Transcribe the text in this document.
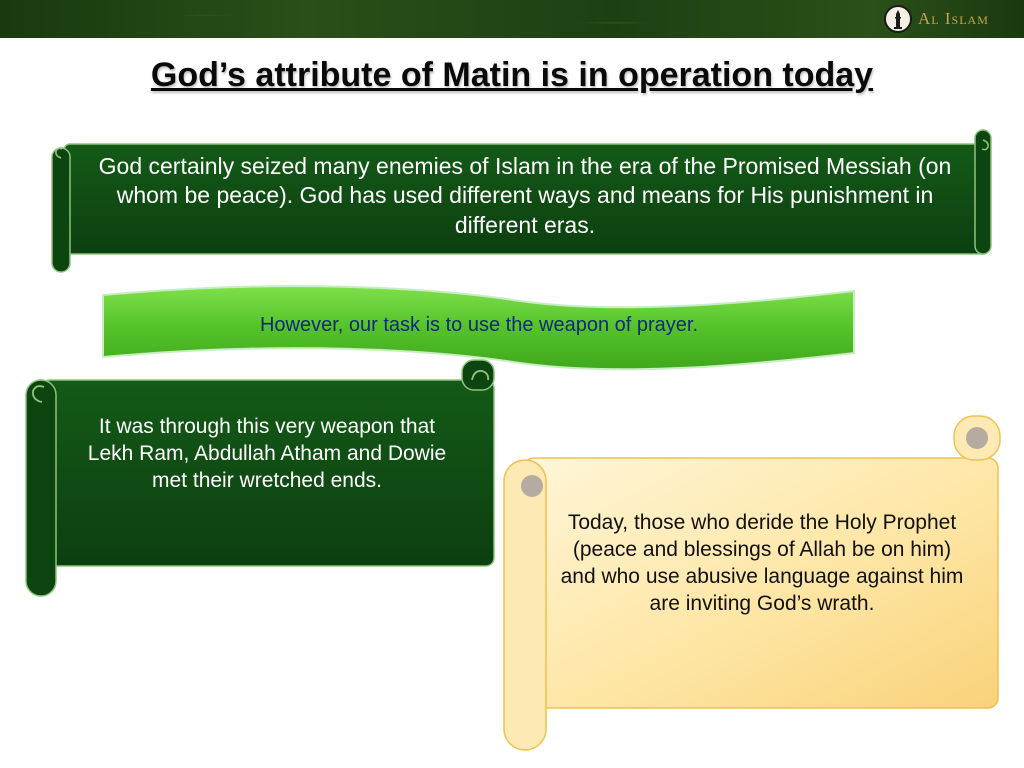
Al Islam
God’s attribute of Matin is in operation today

God certainly seized many enemies of Islam in the era of the Promised Messiah (on whom be peace). God has used different ways and means for His punishment in different eras.

However, our task is to use the weapon of prayer.

It was through this very weapon that Lekh Ram, Abdullah Atham and Dowie met their wretched ends.

Today, those who deride the Holy Prophet (peace and blessings of Allah be on him) and who use abusive language against him are inviting God’s wrath.
